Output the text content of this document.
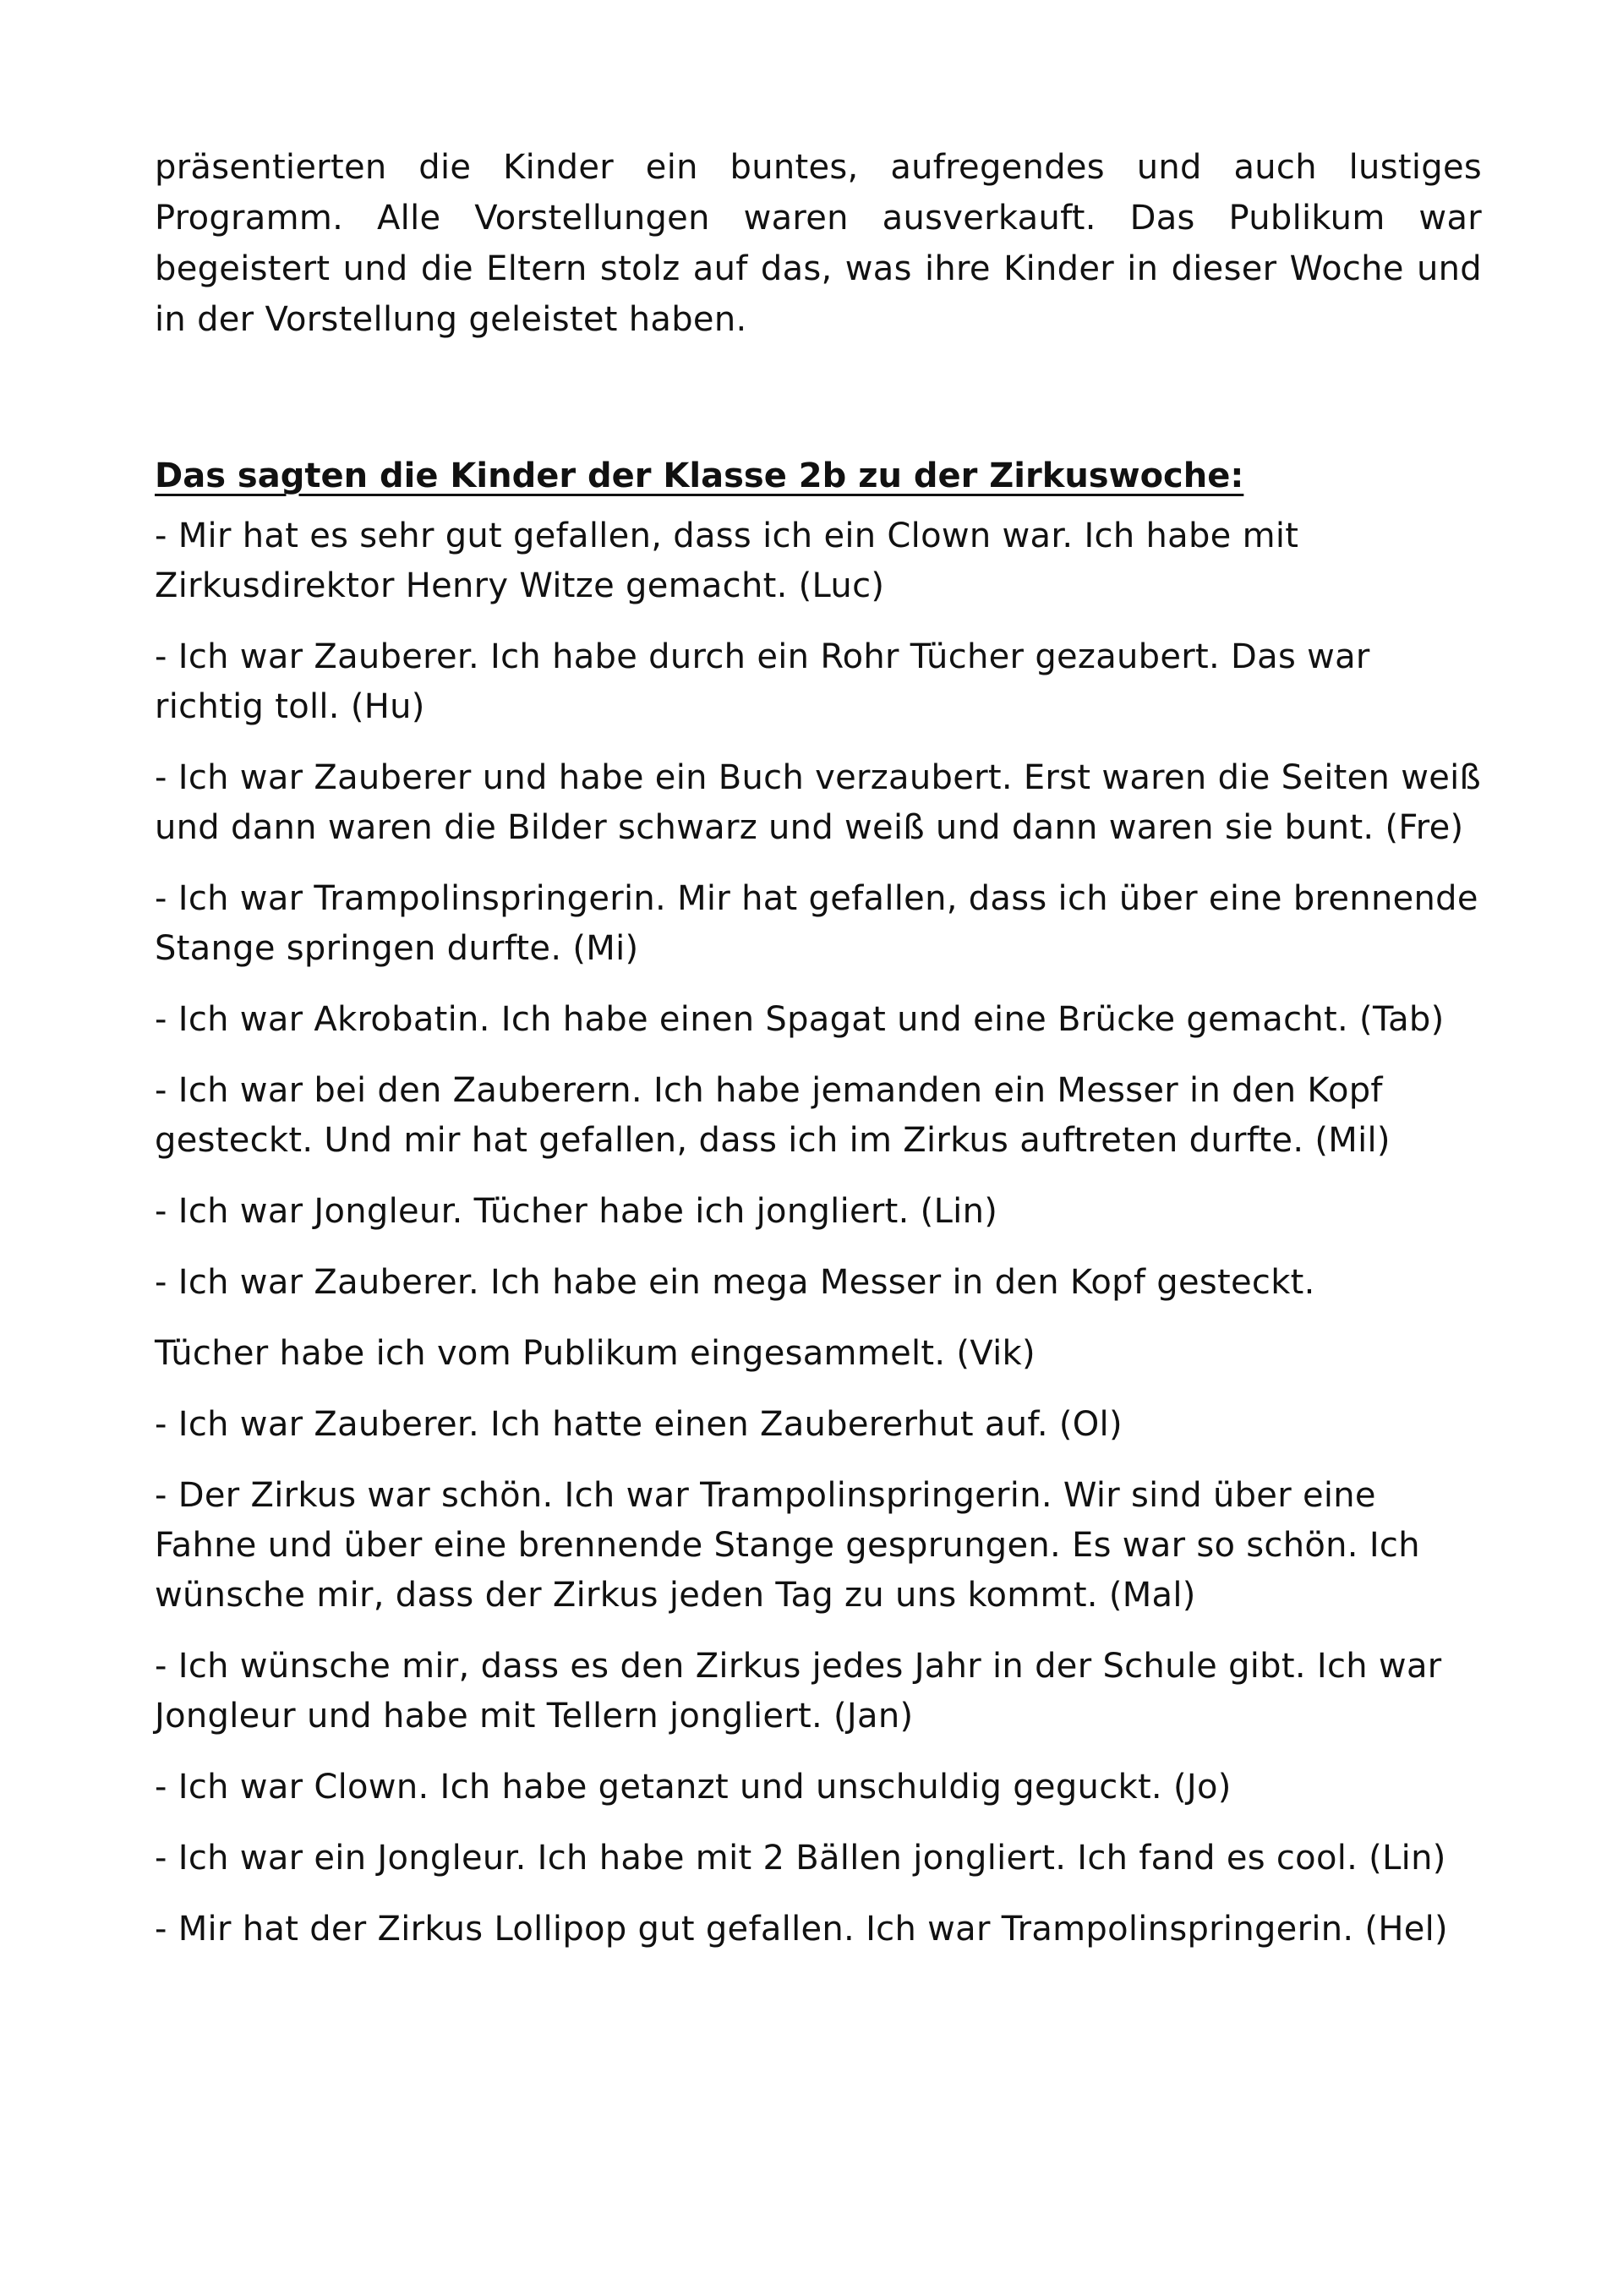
präsentierten die Kinder ein buntes, aufregendes und auch lustiges Programm. Alle Vorstellungen waren ausverkauft. Das Publikum war begeistert und die Eltern stolz auf das, was ihre Kinder in dieser Woche und in der Vorstellung geleistet haben.

Das sagten die Kinder der Klasse 2b zu der Zirkuswoche:

- Mir hat es sehr gut gefallen, dass ich ein Clown war. Ich habe mit Zirkusdirektor Henry Witze gemacht. (Luc)

- Ich war Zauberer. Ich habe durch ein Rohr Tücher gezaubert. Das war richtig toll. (Hu)

- Ich war Zauberer und habe ein Buch verzaubert. Erst waren die Seiten weiß und dann waren die Bilder schwarz und weiß und dann waren sie bunt. (Fre)

- Ich war Trampolinspringerin. Mir hat gefallen, dass ich über eine brennende Stange springen durfte. (Mi)

- Ich war Akrobatin. Ich habe einen Spagat und eine Brücke gemacht. (Tab)

- Ich war bei den Zauberern. Ich habe jemanden ein Messer in den Kopf gesteckt. Und mir hat gefallen, dass ich im Zirkus auftreten durfte. (Mil)

- Ich war Jongleur. Tücher habe ich jongliert. (Lin)

- Ich war Zauberer. Ich habe ein mega Messer in den Kopf gesteckt.

Tücher habe ich vom Publikum eingesammelt. (Vik)

- Ich war Zauberer. Ich hatte einen Zaubererhut auf. (Ol)

- Der Zirkus war schön. Ich war Trampolinspringerin. Wir sind über eine Fahne und über eine brennende Stange gesprungen. Es war so schön. Ich wünsche mir, dass der Zirkus jeden Tag zu uns kommt. (Mal)

- Ich wünsche mir, dass es den Zirkus jedes Jahr in der Schule gibt. Ich war Jongleur und habe mit Tellern jongliert. (Jan)

- Ich war Clown. Ich habe getanzt und unschuldig geguckt. (Jo)

- Ich war ein Jongleur. Ich habe mit 2 Bällen jongliert. Ich fand es cool. (Lin)

- Mir hat der Zirkus Lollipop gut gefallen. Ich war Trampolinspringerin. (Hel)
